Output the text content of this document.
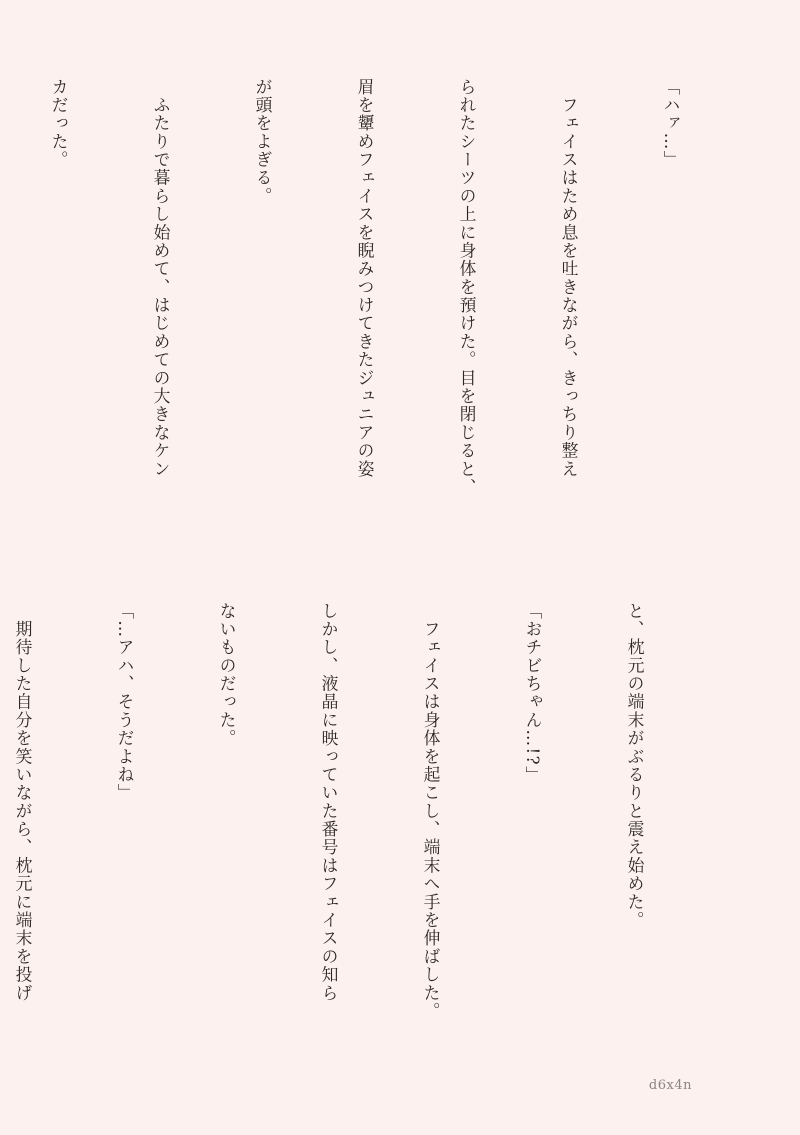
「ハァ…」

　フェイスはため息を吐きながら、きっちり整え

られたシーツの上に身体を預けた。目を閉じると、

眉を顰めフェイスを睨みつけてきたジュニアの姿

が頭をよぎる。

　ふたりで暮らし始めて、はじめての大きなケン

カだった。

と、枕元の端末がぶるりと震え始めた。

「おチビちゃん…!?」

　フェイスは身体を起こし、端末へ手を伸ばした。

しかし、液晶に映っていた番号はフェイスの知ら

ないものだった。

「…アハ、そうだよね」

　期待した自分を笑いながら、枕元に端末を投げ

d6x4n
